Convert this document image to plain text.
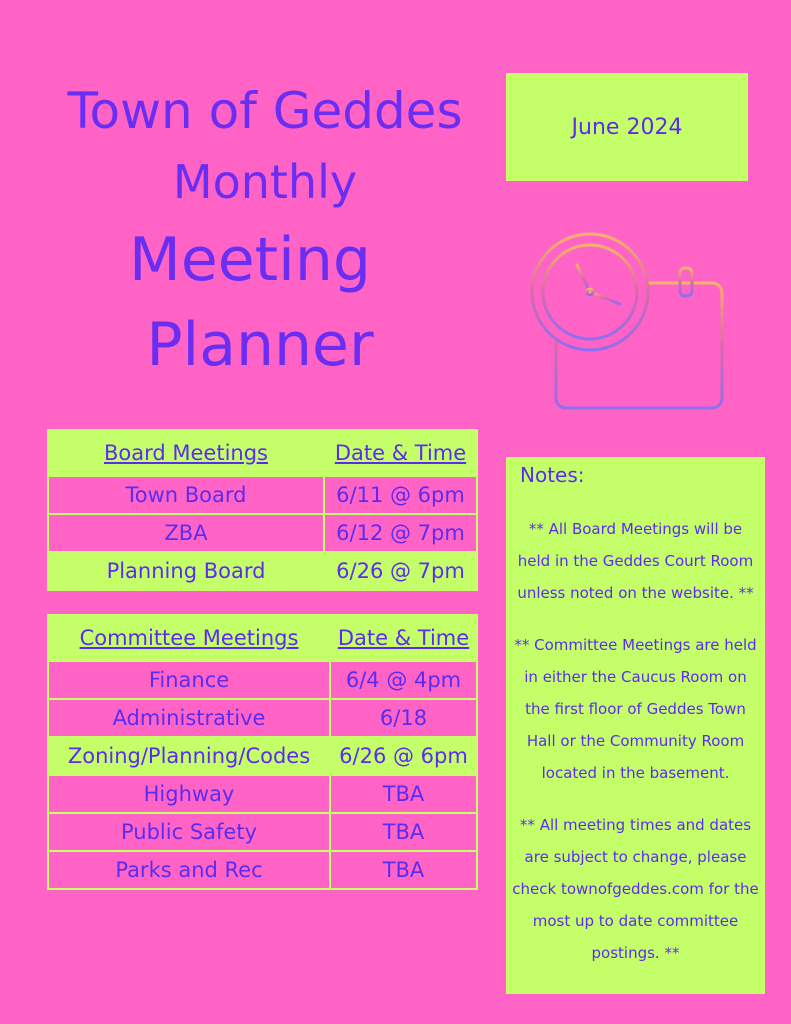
Town of Geddes
Monthly
Meeting
Planner
June 2024
Board Meetings	Date & Time
Town Board	6/11 @ 6pm
ZBA	6/12 @ 7pm
Planning Board	6/26 @ 7pm
Committee Meetings	Date & Time
Finance	6/4 @ 4pm
Administrative	6/18
Zoning/Planning/Codes	6/26 @ 6pm
Highway	TBA
Public Safety	TBA
Parks and Rec	TBA
Notes:
** All Board Meetings will be held in the Geddes Court Room unless noted on the website. **
** Committee Meetings are held in either the Caucus Room on the first floor of Geddes Town Hall or the Community Room located in the basement.
** All meeting times and dates are subject to change, please check townofgeddes.com for the most up to date committee postings. **
